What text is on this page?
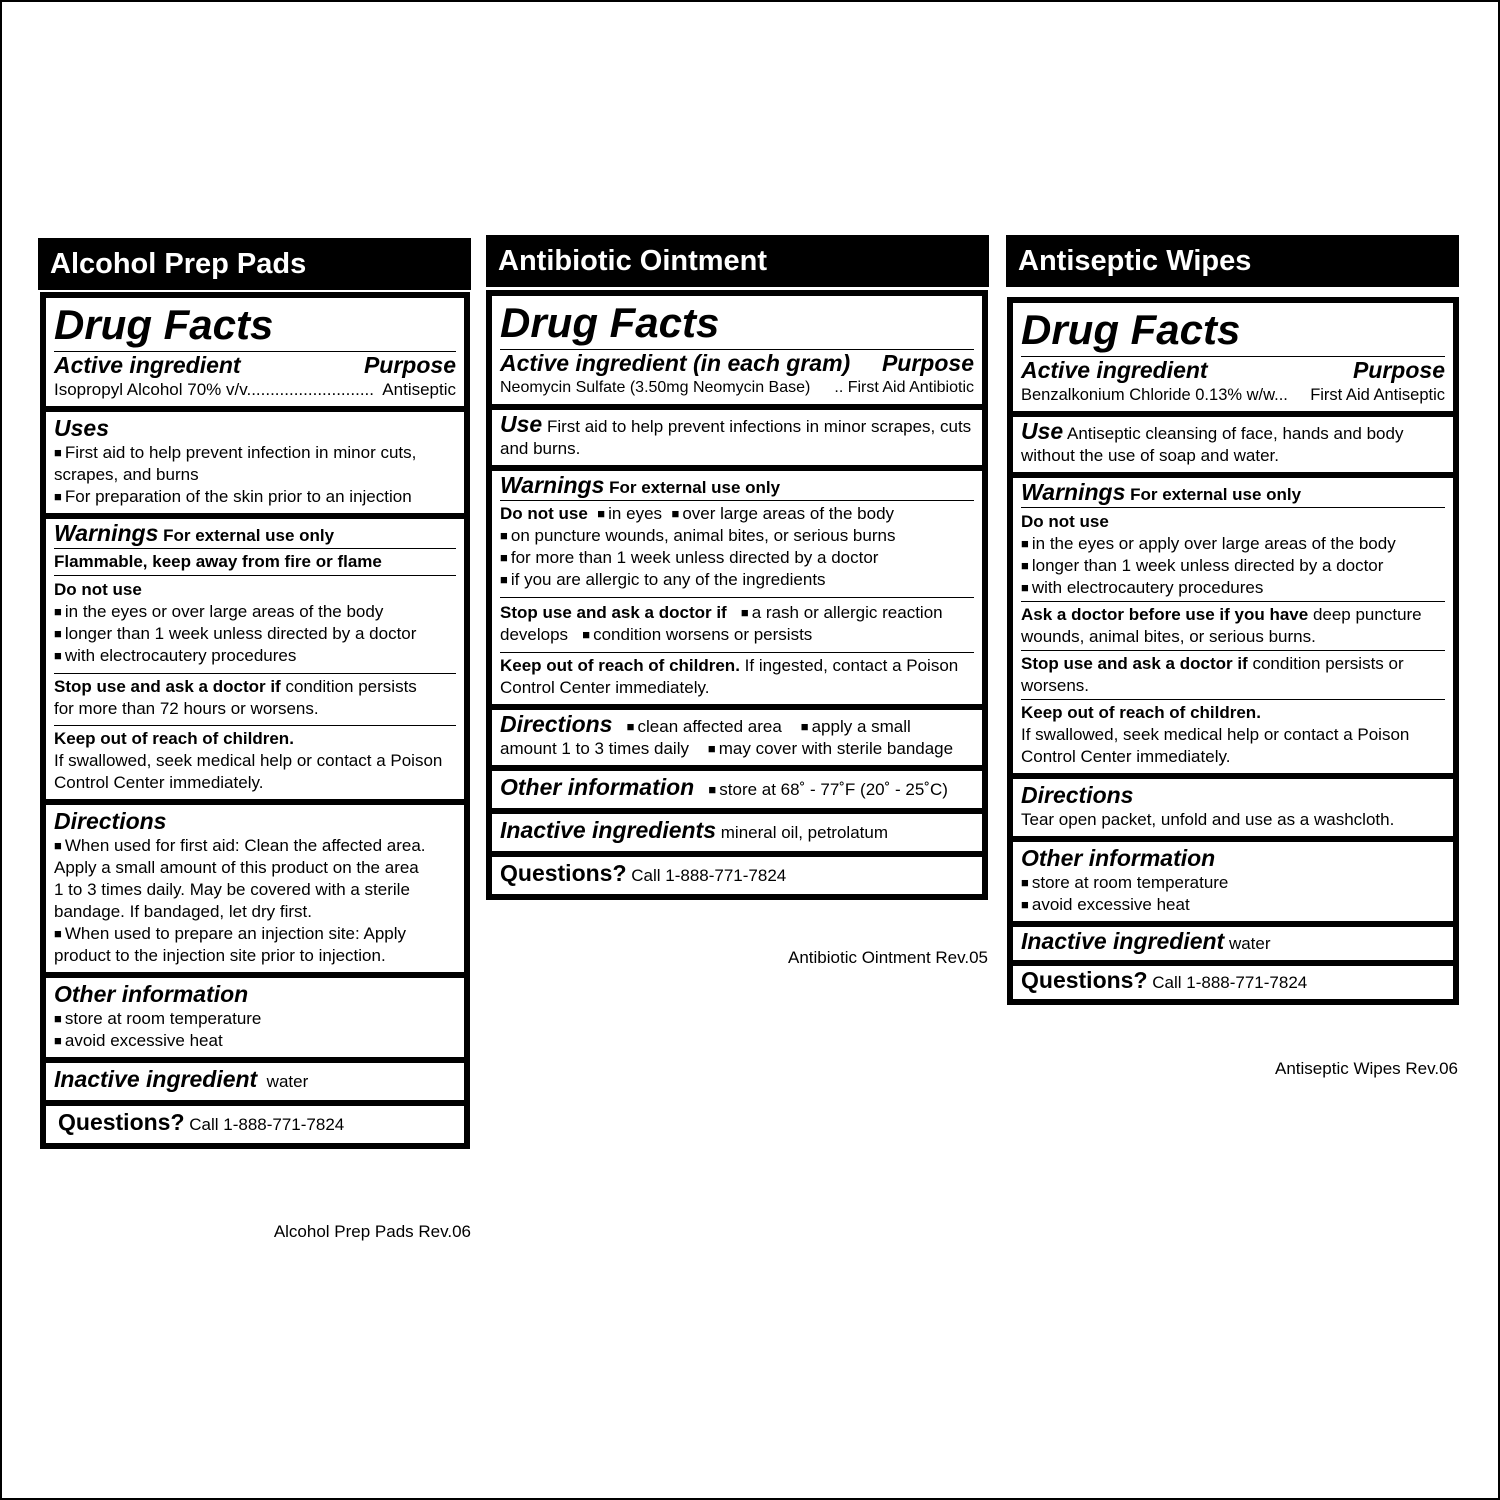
Alcohol Prep Pads
Drug Facts
Active ingredient	Purpose
Isopropyl Alcohol 70% v/v........................... Antiseptic
Uses
■ First aid to help prevent infection in minor cuts,
scrapes, and burns
■ For preparation of the skin prior to an injection
Warnings For external use only
Flammable, keep away from fire or flame
Do not use
■ in the eyes or over large areas of the body
■ longer than 1 week unless directed by a doctor
■ with electrocautery procedures
Stop use and ask a doctor if condition persists
for more than 72 hours or worsens.
Keep out of reach of children.
If swallowed, seek medical help or contact a Poison
Control Center immediately.
Directions
■ When used for first aid: Clean the affected area.
Apply a small amount of this product on the area
1 to 3 times daily. May be covered with a sterile
bandage. If bandaged, let dry first.
■ When used to prepare an injection site: Apply
product to the injection site prior to injection.
Other information
■ store at room temperature
■ avoid excessive heat
Inactive ingredient water
Questions? Call 1-888-771-7824
Alcohol Prep Pads Rev.06
Antibiotic Ointment
Drug Facts
Active ingredient (in each gram) Purpose
Neomycin Sulfate (3.50mg Neomycin Base) .. First Aid Antibiotic
Use First aid to help prevent infections in minor scrapes, cuts
and burns.
Warnings For external use only
Do not use ■ in eyes ■ over large areas of the body
■ on puncture wounds, animal bites, or serious burns
■ for more than 1 week unless directed by a doctor
■ if you are allergic to any of the ingredients
Stop use and ask a doctor if ■ a rash or allergic reaction
develops ■ condition worsens or persists
Keep out of reach of children. If ingested, contact a Poison
Control Center immediately.
Directions ■ clean affected area ■ apply a small
amount 1 to 3 times daily ■ may cover with sterile bandage
Other information ■ store at 68˚ - 77˚F (20˚ - 25˚C)
Inactive ingredients mineral oil, petrolatum
Questions? Call 1-888-771-7824
Antibiotic Ointment Rev.05
Antiseptic Wipes
Drug Facts
Active ingredient	Purpose
Benzalkonium Chloride 0.13% w/w... First Aid Antiseptic
Use Antiseptic cleansing of face, hands and body
without the use of soap and water.
Warnings For external use only
Do not use
■ in the eyes or apply over large areas of the body
■ longer than 1 week unless directed by a doctor
■ with electrocautery procedures
Ask a doctor before use if you have deep puncture
wounds, animal bites, or serious burns.
Stop use and ask a doctor if condition persists or
worsens.
Keep out of reach of children.
If swallowed, seek medical help or contact a Poison
Control Center immediately.
Directions
Tear open packet, unfold and use as a washcloth.
Other information
■ store at room temperature
■ avoid excessive heat
Inactive ingredient water
Questions? Call 1-888-771-7824
Antiseptic Wipes Rev.06
